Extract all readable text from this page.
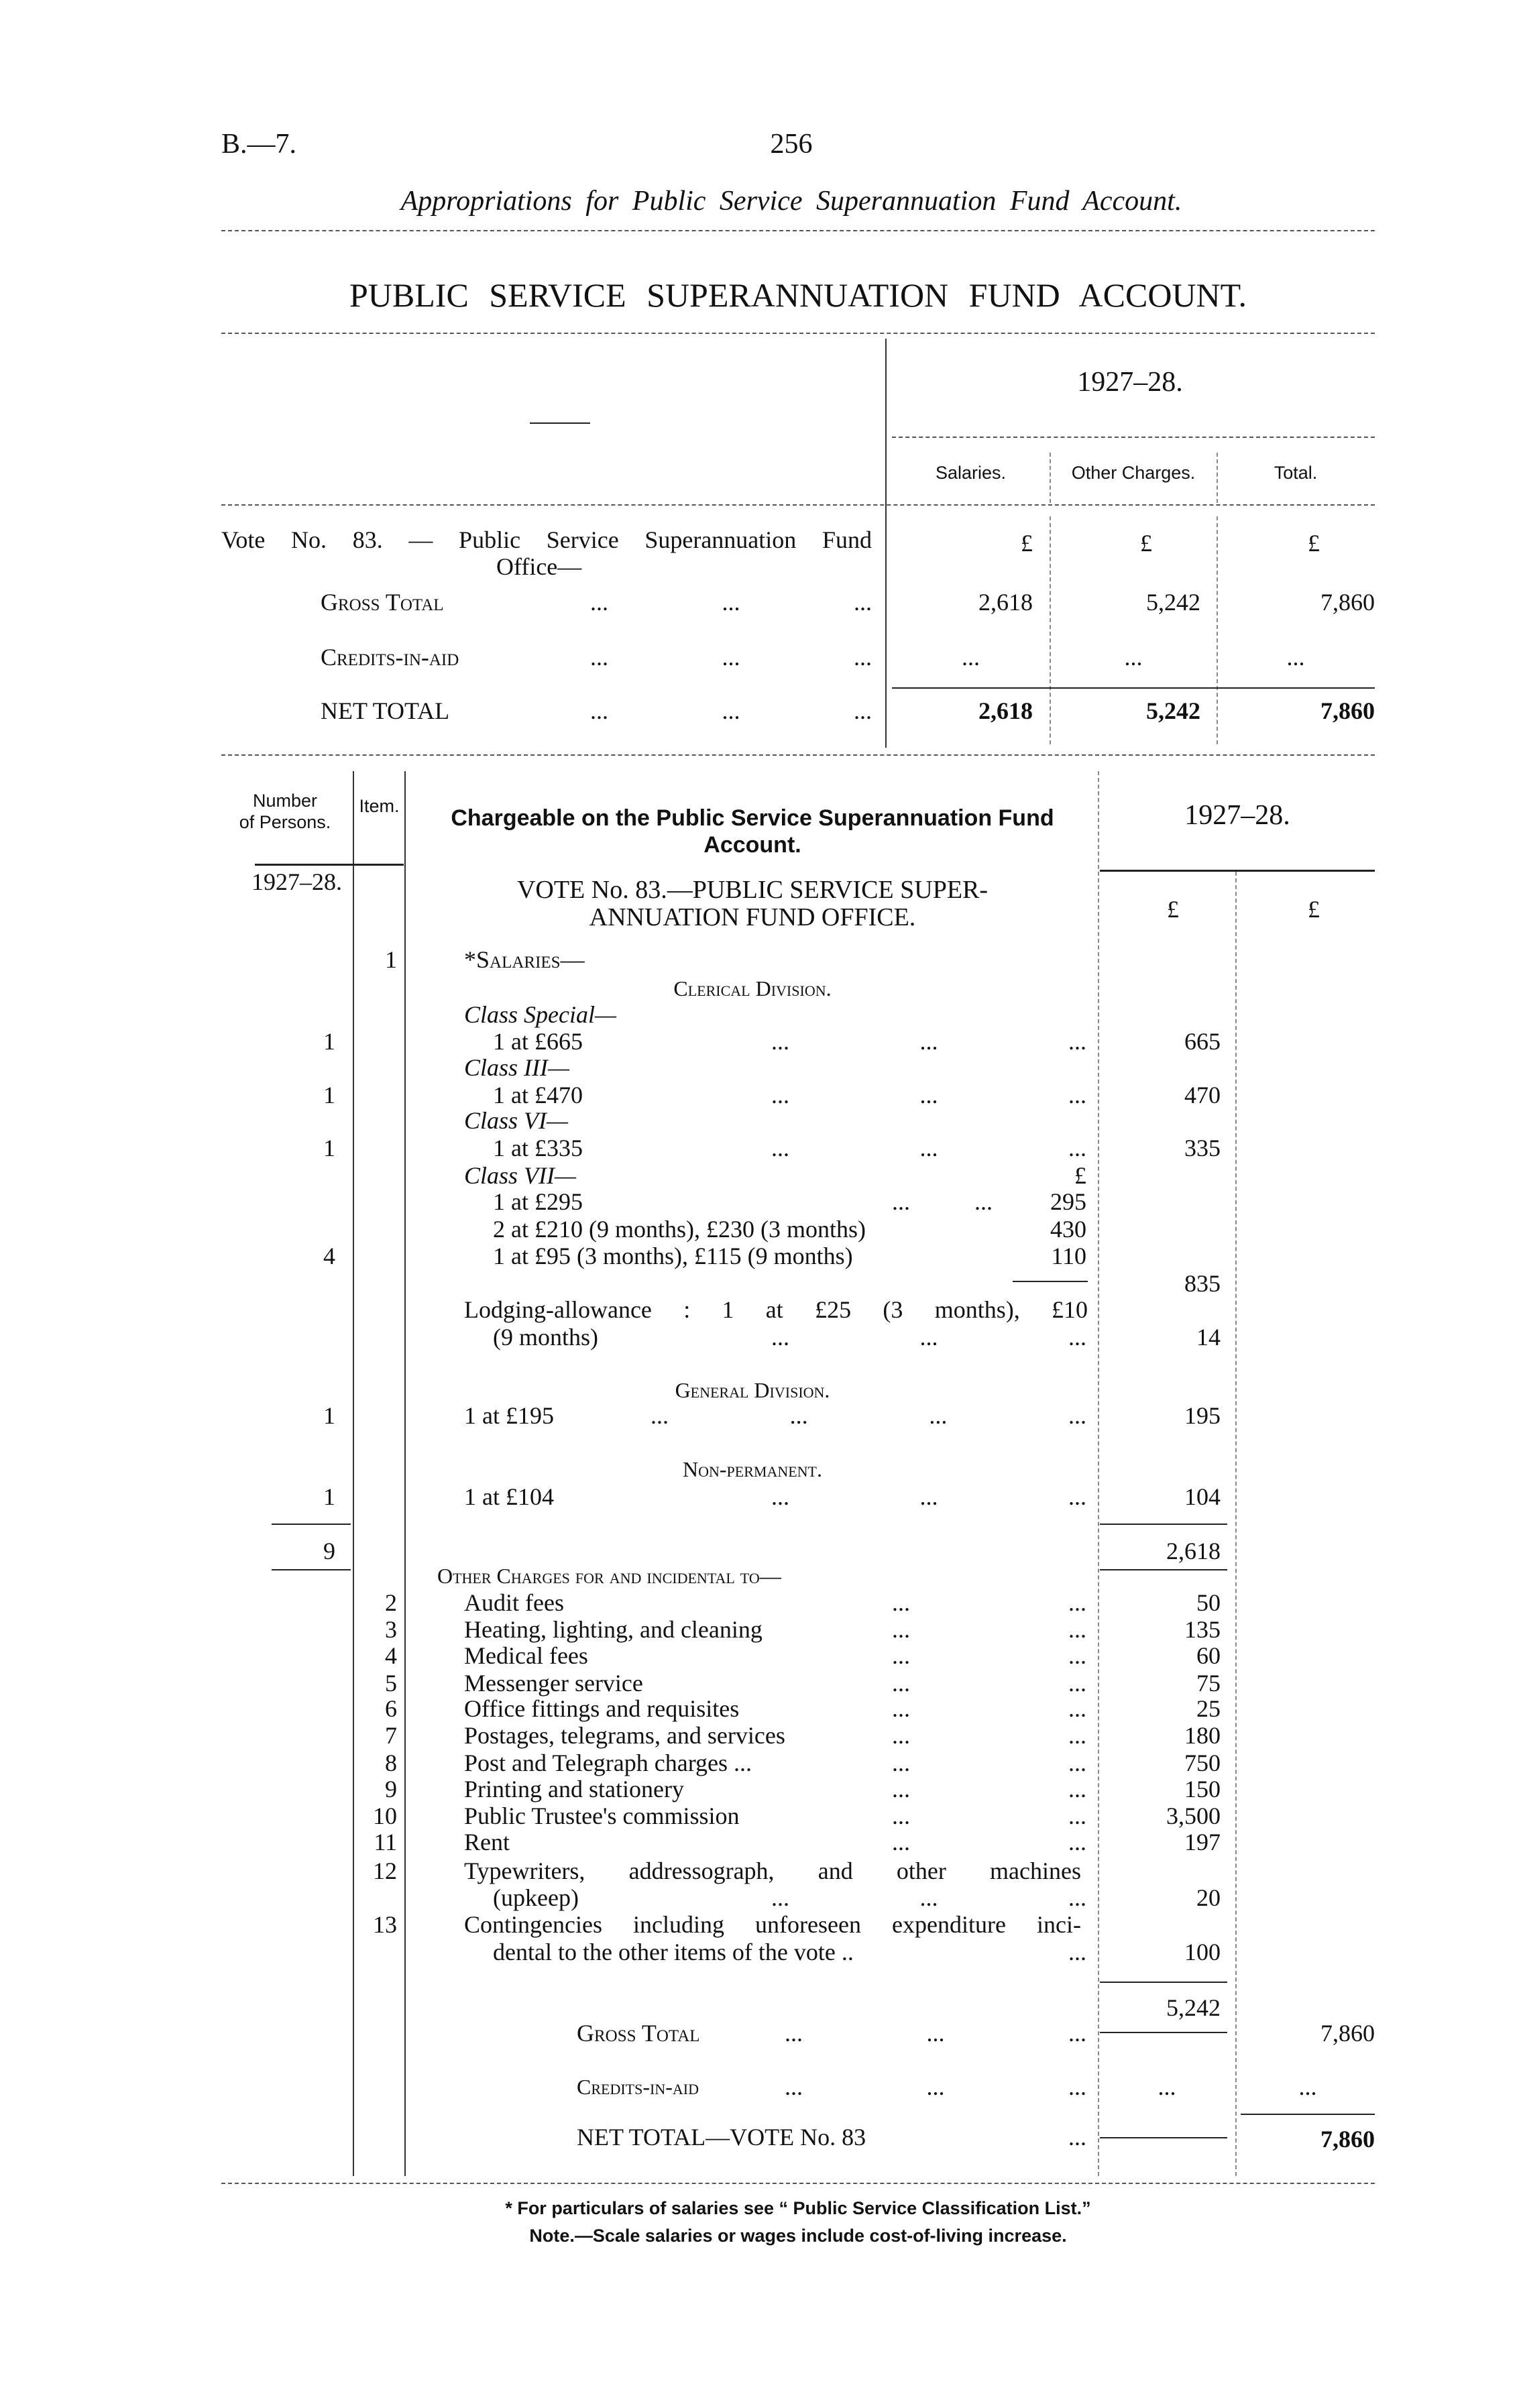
B.—7.	256
Appropriations for Public Service Superannuation Fund Account.
PUBLIC SERVICE SUPERANNUATION FUND ACCOUNT.
1927–28.
Salaries.	Other Charges.	Total.
Vote No. 83. — Public Service Superannuation Fund
Office—
£	£	£
Gross Total ... ... ...	2,618	5,242	7,860
Credits-in-aid ... ... ...	...	...	...
NET TOTAL ... ... ...	2,618	5,242	7,860
Number
of Persons.
Item.	Chargeable on the Public Service Superannuation Fund
Account.
1927–28.
1927–28.	VOTE No. 83.—PUBLIC SERVICE SUPER-
ANNUATION FUND OFFICE.	£	£
1	*Salaries—
Clerical Division.
Class Special—
1	1 at £665 ... ... ...	665
Class III—
1	1 at £470 ... ... ...	470
Class VI—
1	1 at £335 ... ... ...	335
Class VII—	£
1 at £295 ... ...	295
2 at £210 (9 months), £230 (3 months)	430
4	1 at £95 (3 months), £115 (9 months)	110
835
Lodging-allowance : 1 at £25 (3 months), £10
(9 months) ... ... ...	14
General Division.
1	1 at £195 ... ... ... ...	195
Non-permanent.
1	1 at £104 ... ... ...	104
9	2,618
Other Charges for and incidental to—
2	Audit fees ... ...	50
3	Heating, lighting, and cleaning ... ...	135
4	Medical fees ... ...	60
5	Messenger service ... ...	75
6	Office fittings and requisites ... ...	25
7	Postages, telegrams, and services ... ...	180
8	Post and Telegraph charges ... ... ...	750
9	Printing and stationery ... ...	150
10	Public Trustee's commission ... ...	3,500
11	Rent ... ...	197
12	Typewriters, addressograph, and other machines
(upkeep) ... ... ...	20
13	Contingencies including unforeseen expenditure inci-
dental to the other items of the vote .. ...	100
5,242
Gross Total ... ... ...	7,860
Credits-in-aid ... ... ...	...	...
NET TOTAL—VOTE No. 83 ...	7,860
* For particulars of salaries see “ Public Service Classification List.”
Note.—Scale salaries or wages include cost-of-living increase.
